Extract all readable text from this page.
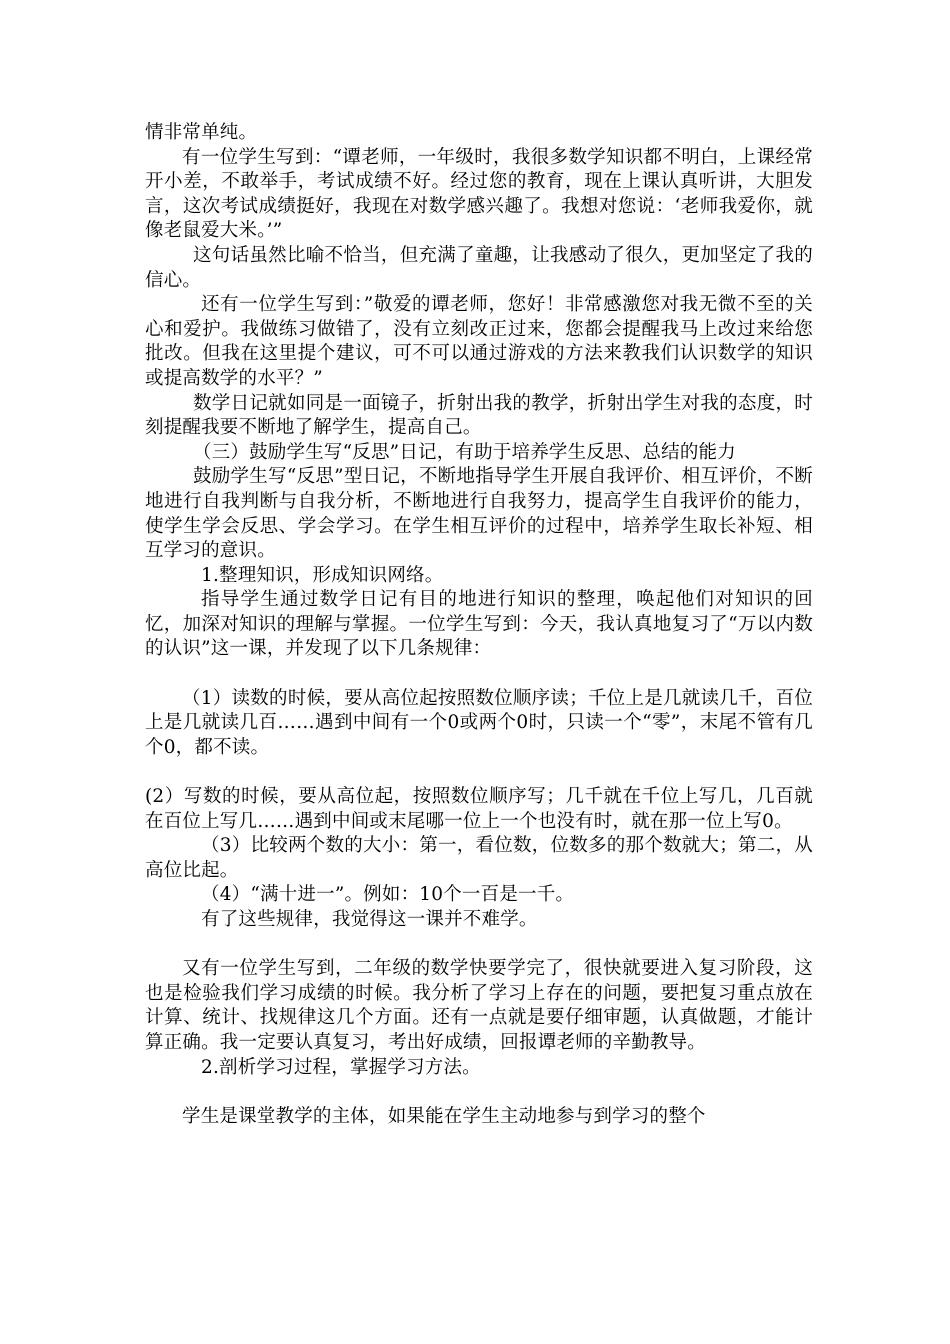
情非常单纯。

有一位学生写到：“谭老师，一年级时，我很多数学知识都不明白，上课经常开小差，不敢举手，考试成绩不好。经过您的教育，现在上课认真听讲，大胆发言，这次考试成绩挺好，我现在对数学感兴趣了。我想对您说：‘老师我爱你，就像老鼠爱大米。’”

这句话虽然比喻不恰当，但充满了童趣，让我感动了很久，更加坚定了我的信心。

还有一位学生写到：”敬爱的谭老师，您好！非常感激您对我无微不至的关心和爱护。我做练习做错了，没有立刻改正过来，您都会提醒我马上改过来给您批改。但我在这里提个建议，可不可以通过游戏的方法来教我们认识数学的知识或提高数学的水平？”

数学日记就如同是一面镜子，折射出我的教学，折射出学生对我的态度，时刻提醒我要不断地了解学生，提高自己。

（三）鼓励学生写“反思”日记，有助于培养学生反思、总结的能力

鼓励学生写“反思”型日记，不断地指导学生开展自我评价、相互评价，不断地进行自我判断与自我分析，不断地进行自我努力，提高学生自我评价的能力，使学生学会反思、学会学习。在学生相互评价的过程中，培养学生取长补短、相互学习的意识。

1.整理知识，形成知识网络。

指导学生通过数学日记有目的地进行知识的整理，唤起他们对知识的回忆，加深对知识的理解与掌握。一位学生写到：今天，我认真地复习了“万以内数的认识”这一课，并发现了以下几条规律：

（1）读数的时候，要从高位起按照数位顺序读；千位上是几就读几千，百位上是几就读几百……遇到中间有一个0或两个0时，只读一个“零”，末尾不管有几个0，都不读。

(2）写数的时候，要从高位起，按照数位顺序写；几千就在千位上写几，几百就在百位上写几……遇到中间或末尾哪一位上一个也没有时，就在那一位上写0。

（3）比较两个数的大小：第一，看位数，位数多的那个数就大；第二，从高位比起。

（4）“满十进一”。例如：10个一百是一千。

有了这些规律，我觉得这一课并不难学。

又有一位学生写到，二年级的数学快要学完了，很快就要进入复习阶段，这也是检验我们学习成绩的时候。我分析了学习上存在的问题，要把复习重点放在计算、统计、找规律这几个方面。还有一点就是要仔细审题，认真做题，才能计算正确。我一定要认真复习，考出好成绩，回报谭老师的辛勤教导。

2.剖析学习过程，掌握学习方法。

学生是课堂教学的主体，如果能在学生主动地参与到学习的整个
